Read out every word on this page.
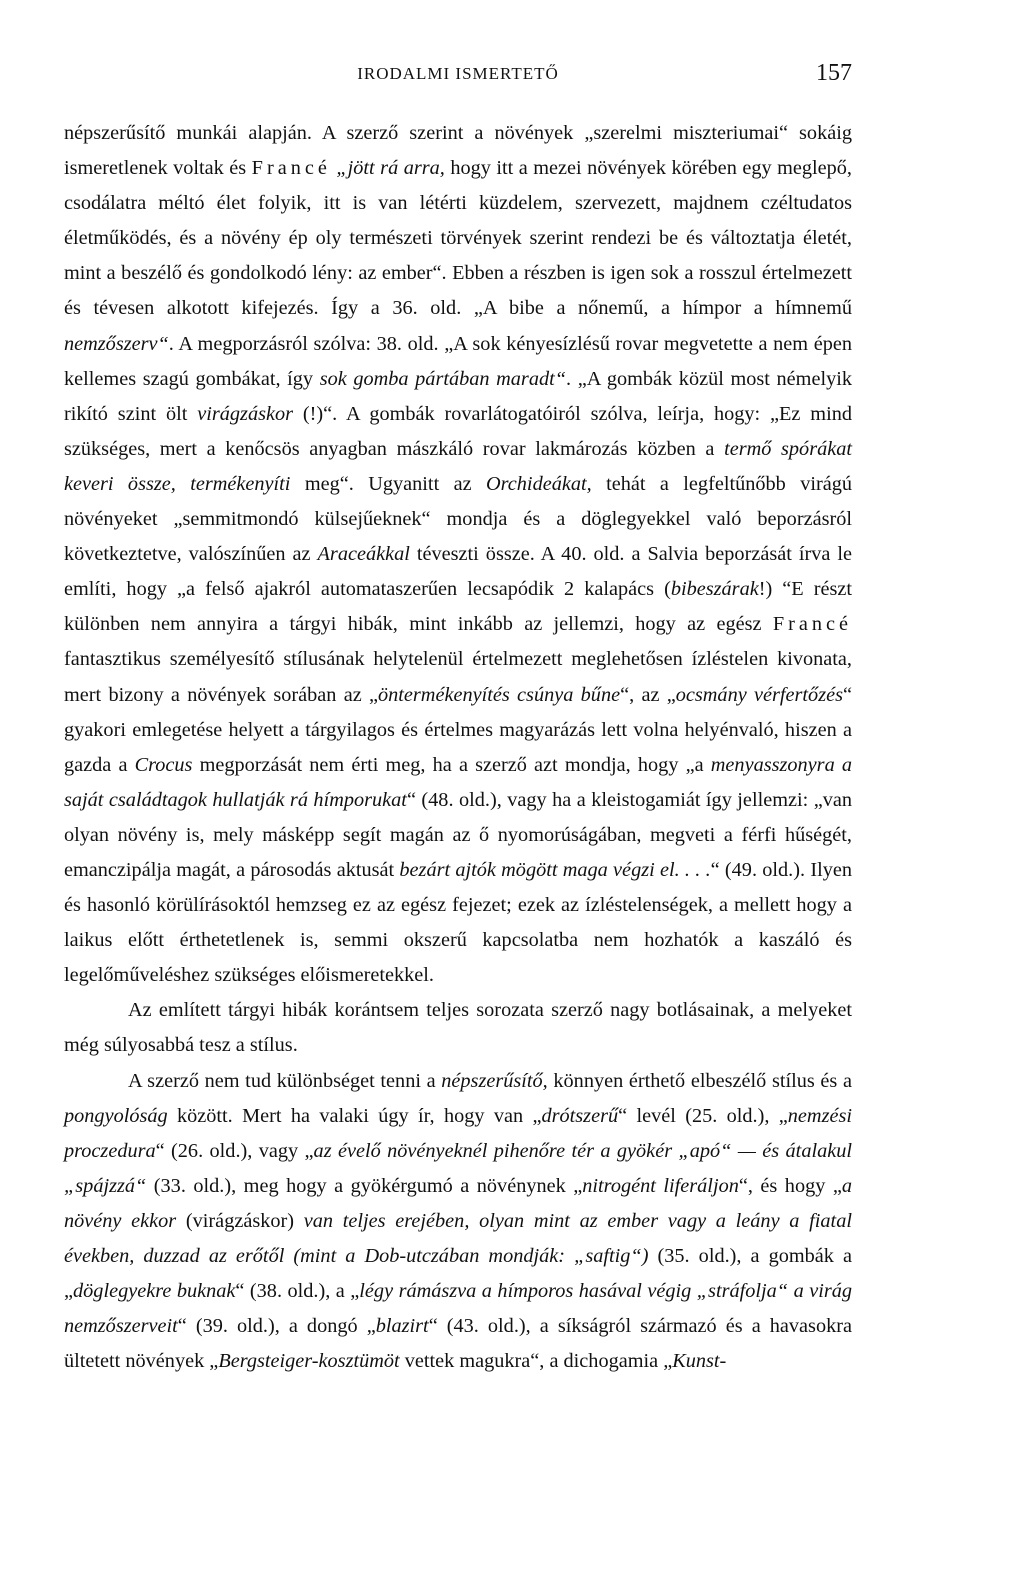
IRODALMI ISMERTETŐ	157

népszerűsítő munkái alapján. A szerző szerint a növények „szerelmi miszteriumai“ sokáig ismeretlenek voltak és Francé „jött rá arra, hogy itt a mezei növények körében egy meglepő, csodálatra méltó élet folyik, itt is van létérti küzdelem, szervezett, majdnem czéltudatos életműködés, és a növény ép oly természeti törvények szerint rendezi be és változtatja életét, mint a beszélő és gondolkodó lény: az ember“. Ebben a részben is igen sok a rosszul értelmezett és tévesen alkotott kifejezés. Így a 36. old. „A bibe a nőnemű, a hímpor a hímnemű nemzőszerv“. A megporzásról szólva: 38. old. „A sok kényesízlésű rovar megvetette a nem épen kellemes szagú gombákat, így sok gomba pártában maradt“. „A gombák közül most némelyik rikító szint ölt virágzáskor (!)“. A gombák rovarlátogatóiról szólva, leírja, hogy: „Ez mind szükséges, mert a kenőcsös anyagban mászkáló rovar lakmározás közben a termő spórákat keveri össze, termékenyíti meg“. Ugyanitt az Orchideákat, tehát a legfeltűnőbb virágú növényeket „semmitmondó külsejűeknek“ mondja és a döglegyekkel való beporzásról következtetve, valószínűen az Araceákkal téveszti össze. A 40. old. a Salvia beporzását írva le említi, hogy „a felső ajakról automataszerűen lecsapódik 2 kalapács (bibeszárak!) “E részt különben nem annyira a tárgyi hibák, mint inkább az jellemzi, hogy az egész Francé fantasztikus személyesítő stílusának helytelenül értelmezett meglehetősen ízléstelen kivonata, mert bizony a növények sorában az „öntermékenyítés csúnya bűne“, az „ocsmány vérfertőzés“ gyakori emlegetése helyett a tárgyilagos és értelmes magyarázás lett volna helyénvaló, hiszen a gazda a Crocus megporzását nem érti meg, ha a szerző azt mondja, hogy „a menyasszonyra a saját családtagok hullatják rá hímporukat“ (48. old.), vagy ha a kleistogamiát így jellemzi: „van olyan növény is, mely másképp segít magán az ő nyomorúságában, megveti a férfi hűségét, emanczipálja magát, a párosodás aktusát bezárt ajtók mögött maga végzi el. . . .“ (49. old.). Ilyen és hasonló körülírásoktól hemzseg ez az egész fejezet; ezek az ízléstelenségek, a mellett hogy a laikus előtt érthetetlenek is, semmi okszerű kapcsolatba nem hozhatók a kaszáló és legelőműveléshez szükséges előismeretekkel.

Az említett tárgyi hibák korántsem teljes sorozata szerző nagy botlásainak, a melyeket még súlyosabbá tesz a stílus.

A szerző nem tud különbséget tenni a népszerűsítő, könnyen érthető elbeszélő stílus és a pongyolóság között. Mert ha valaki úgy ír, hogy van „drótszerű“ levél (25. old.), „nemzési proczedura“ (26. old.), vagy „az évelő növényeknél pihenőre tér a gyökér „apó“ — és átalakul „spájzzá“ (33. old.), meg hogy a gyökérgumó a növénynek „nitrogént liferáljon“, és hogy „a növény ekkor (virágzáskor) van teljes erejében, olyan mint az ember vagy a leány a fiatal években, duzzad az erőtől (mint a Dob-utczában mondják: „saftig“) (35. old.), a gombák a „döglegyekre buknak“ (38. old.), a „légy rámászva a hímporos hasával végig „stráfolja“ a virág nemzőszerveit“ (39. old.), a dongó „blazirt“ (43. old.), a síkságról származó és a havasokra ültetett növények „Bergsteiger-kosztümöt vettek magukra“, a dichogamia „Kunst-
